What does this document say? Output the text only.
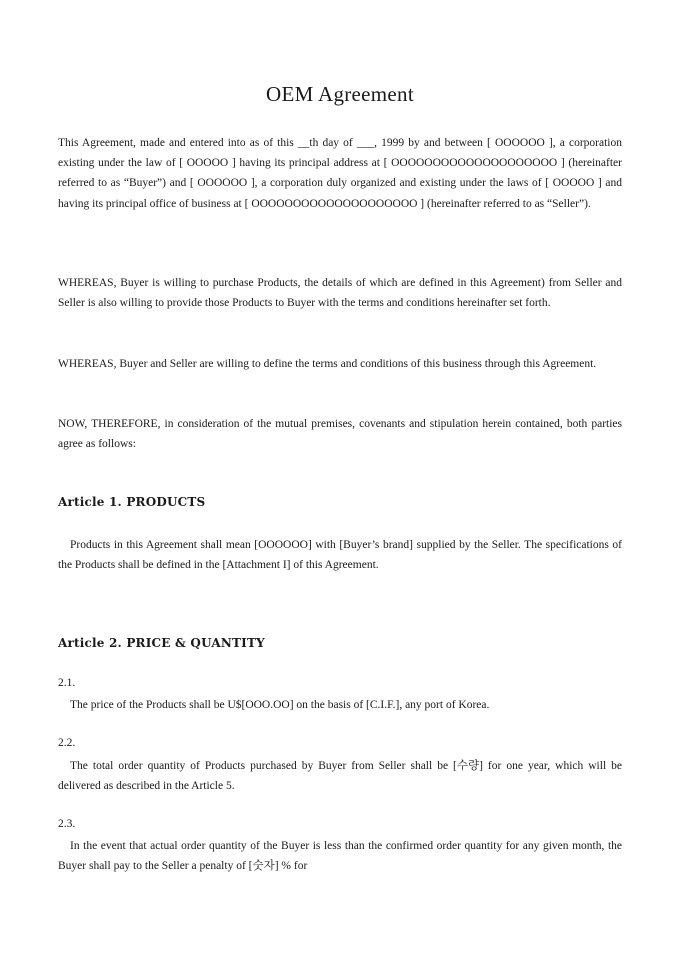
OEM Agreement

This Agreement, made and entered into as of this __th day of ___, 1999 by and between [ OOOOOO ], a corporation existing under the law of [ OOOOO ] having its principal address at [ OOOOOOOOOOOOOOOOOOOO ] (hereinafter referred to as “Buyer”) and [ OOOOOO ], a corporation duly organized and existing under the laws of [ OOOOO ] and having its principal office of business at [ OOOOOOOOOOOOOOOOOOOO ] (hereinafter referred to as “Seller”).

WHEREAS, Buyer is willing to purchase Products, the details of which are defined in this Agreement) from Seller and Seller is also willing to provide those Products to Buyer with the terms and conditions hereinafter set forth.

WHEREAS, Buyer and Seller are willing to define the terms and conditions of this business through this Agreement.

NOW, THEREFORE, in consideration of the mutual premises, covenants and stipulation herein contained, both parties agree as follows:

Article 1. PRODUCTS

Products in this Agreement shall mean [OOOOOO] with [Buyer’s brand] supplied by the Seller. The specifications of the Products shall be defined in the [Attachment I] of this Agreement.

Article 2. PRICE & QUANTITY
2.1.

The price of the Products shall be U$[OOO.OO] on the basis of [C.I.F.], any port of Korea.

2.2.

The total order quantity of Products purchased by Buyer from Seller shall be [수량] for one year, which will be delivered as described in the Article 5.

2.3.

In the event that actual order quantity of the Buyer is less than the confirmed order quantity for any given month, the Buyer shall pay to the Seller a penalty of [숫자] % for
